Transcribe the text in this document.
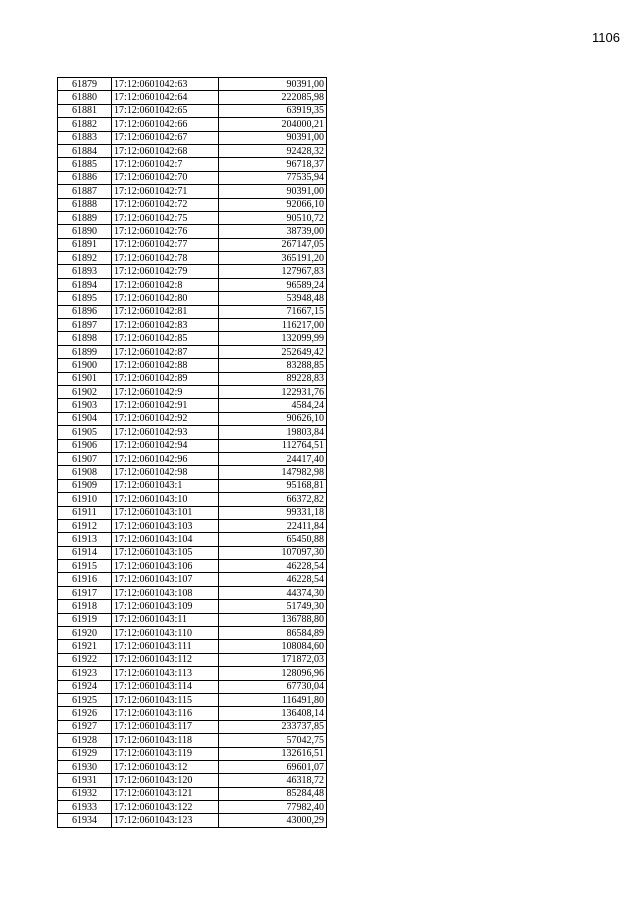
1106
61879	17:12:0601042:63	90391,00
61880	17:12:0601042:64	222085,98
61881	17:12:0601042:65	63919,35
61882	17:12:0601042:66	204000,21
61883	17:12:0601042:67	90391,00
61884	17:12:0601042:68	92428,32
61885	17:12:0601042:7	96718,37
61886	17:12:0601042:70	77535,94
61887	17:12:0601042:71	90391,00
61888	17:12:0601042:72	92066,10
61889	17:12:0601042:75	90510,72
61890	17:12:0601042:76	38739,00
61891	17:12:0601042:77	267147,05
61892	17:12:0601042:78	365191,20
61893	17:12:0601042:79	127967,83
61894	17:12:0601042:8	96589,24
61895	17:12:0601042:80	53948,48
61896	17:12:0601042:81	71667,15
61897	17:12:0601042:83	116217,00
61898	17:12:0601042:85	132099,99
61899	17:12:0601042:87	252649,42
61900	17:12:0601042:88	83288,85
61901	17:12:0601042:89	89228,83
61902	17:12:0601042:9	122931,76
61903	17:12:0601042:91	4584,24
61904	17:12:0601042:92	90626,10
61905	17:12:0601042:93	19803,84
61906	17:12:0601042:94	112764,51
61907	17:12:0601042:96	24417,40
61908	17:12:0601042:98	147982,98
61909	17:12:0601043:1	95168,81
61910	17:12:0601043:10	66372,82
61911	17:12:0601043:101	99331,18
61912	17:12:0601043:103	22411,84
61913	17:12:0601043:104	65450,88
61914	17:12:0601043:105	107097,30
61915	17:12:0601043:106	46228,54
61916	17:12:0601043:107	46228,54
61917	17:12:0601043:108	44374,30
61918	17:12:0601043:109	51749,30
61919	17:12:0601043:11	136788,80
61920	17:12:0601043:110	86584,89
61921	17:12:0601043:111	108084,60
61922	17:12:0601043:112	171872,03
61923	17:12:0601043:113	128096,96
61924	17:12:0601043:114	67730,04
61925	17:12:0601043:115	116491,80
61926	17:12:0601043:116	136408,14
61927	17:12:0601043:117	233737,85
61928	17:12:0601043:118	57042,75
61929	17:12:0601043:119	132616,51
61930	17:12:0601043:12	69601,07
61931	17:12:0601043:120	46318,72
61932	17:12:0601043:121	85284,48
61933	17:12:0601043:122	77982,40
61934	17:12:0601043:123	43000,29
